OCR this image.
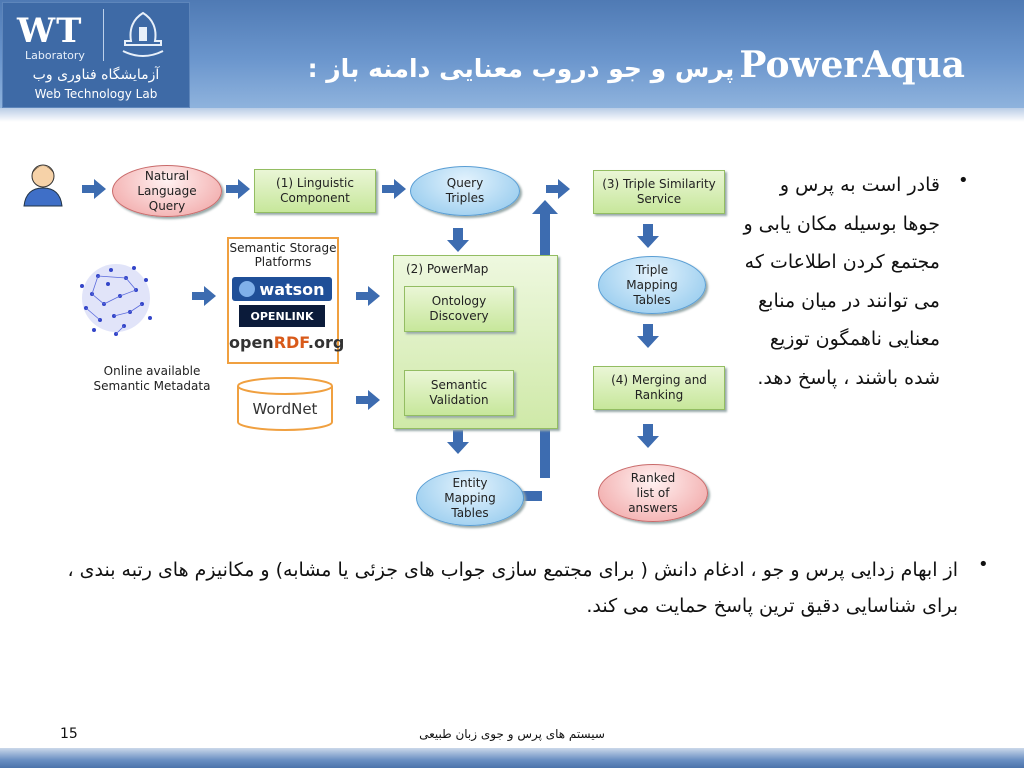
WT
Laboratory
آزمایشگاه فناوری وب
Web Technology Lab
PowerAqua پرس و جو دروب معنایی دامنه باز :
Natural
Language
Query
(1) Linguistic
Component
Query
Triples
(3) Triple Similarity
Service
Triple
Mapping
Tables
(4) Merging and
Ranking
Ranked
list of
answers
(2) PowerMap
Ontology
Discovery
Semantic
Validation
Entity
Mapping
Tables
Semantic Storage
Platforms
watson
OPENLINK
openRDF.org
WordNet
Online available
Semantic Metadata
•
قادر است به پرس و جوها بوسیله مکان یابی و مجتمع کردن اطلاعات که می توانند در میان منابع معنایی ناهمگون توزیع شده باشند ، پاسخ دهد.
•
از ابهام زدایی پرس و جو ، ادغام دانش ( برای مجتمع سازی جواب های جزئی یا مشابه) و مکانیزم های رتبه بندی ، برای شناسایی دقیق ترین پاسخ حمایت می کند.
15	سیستم های پرس و جوی زبان طبیعی
